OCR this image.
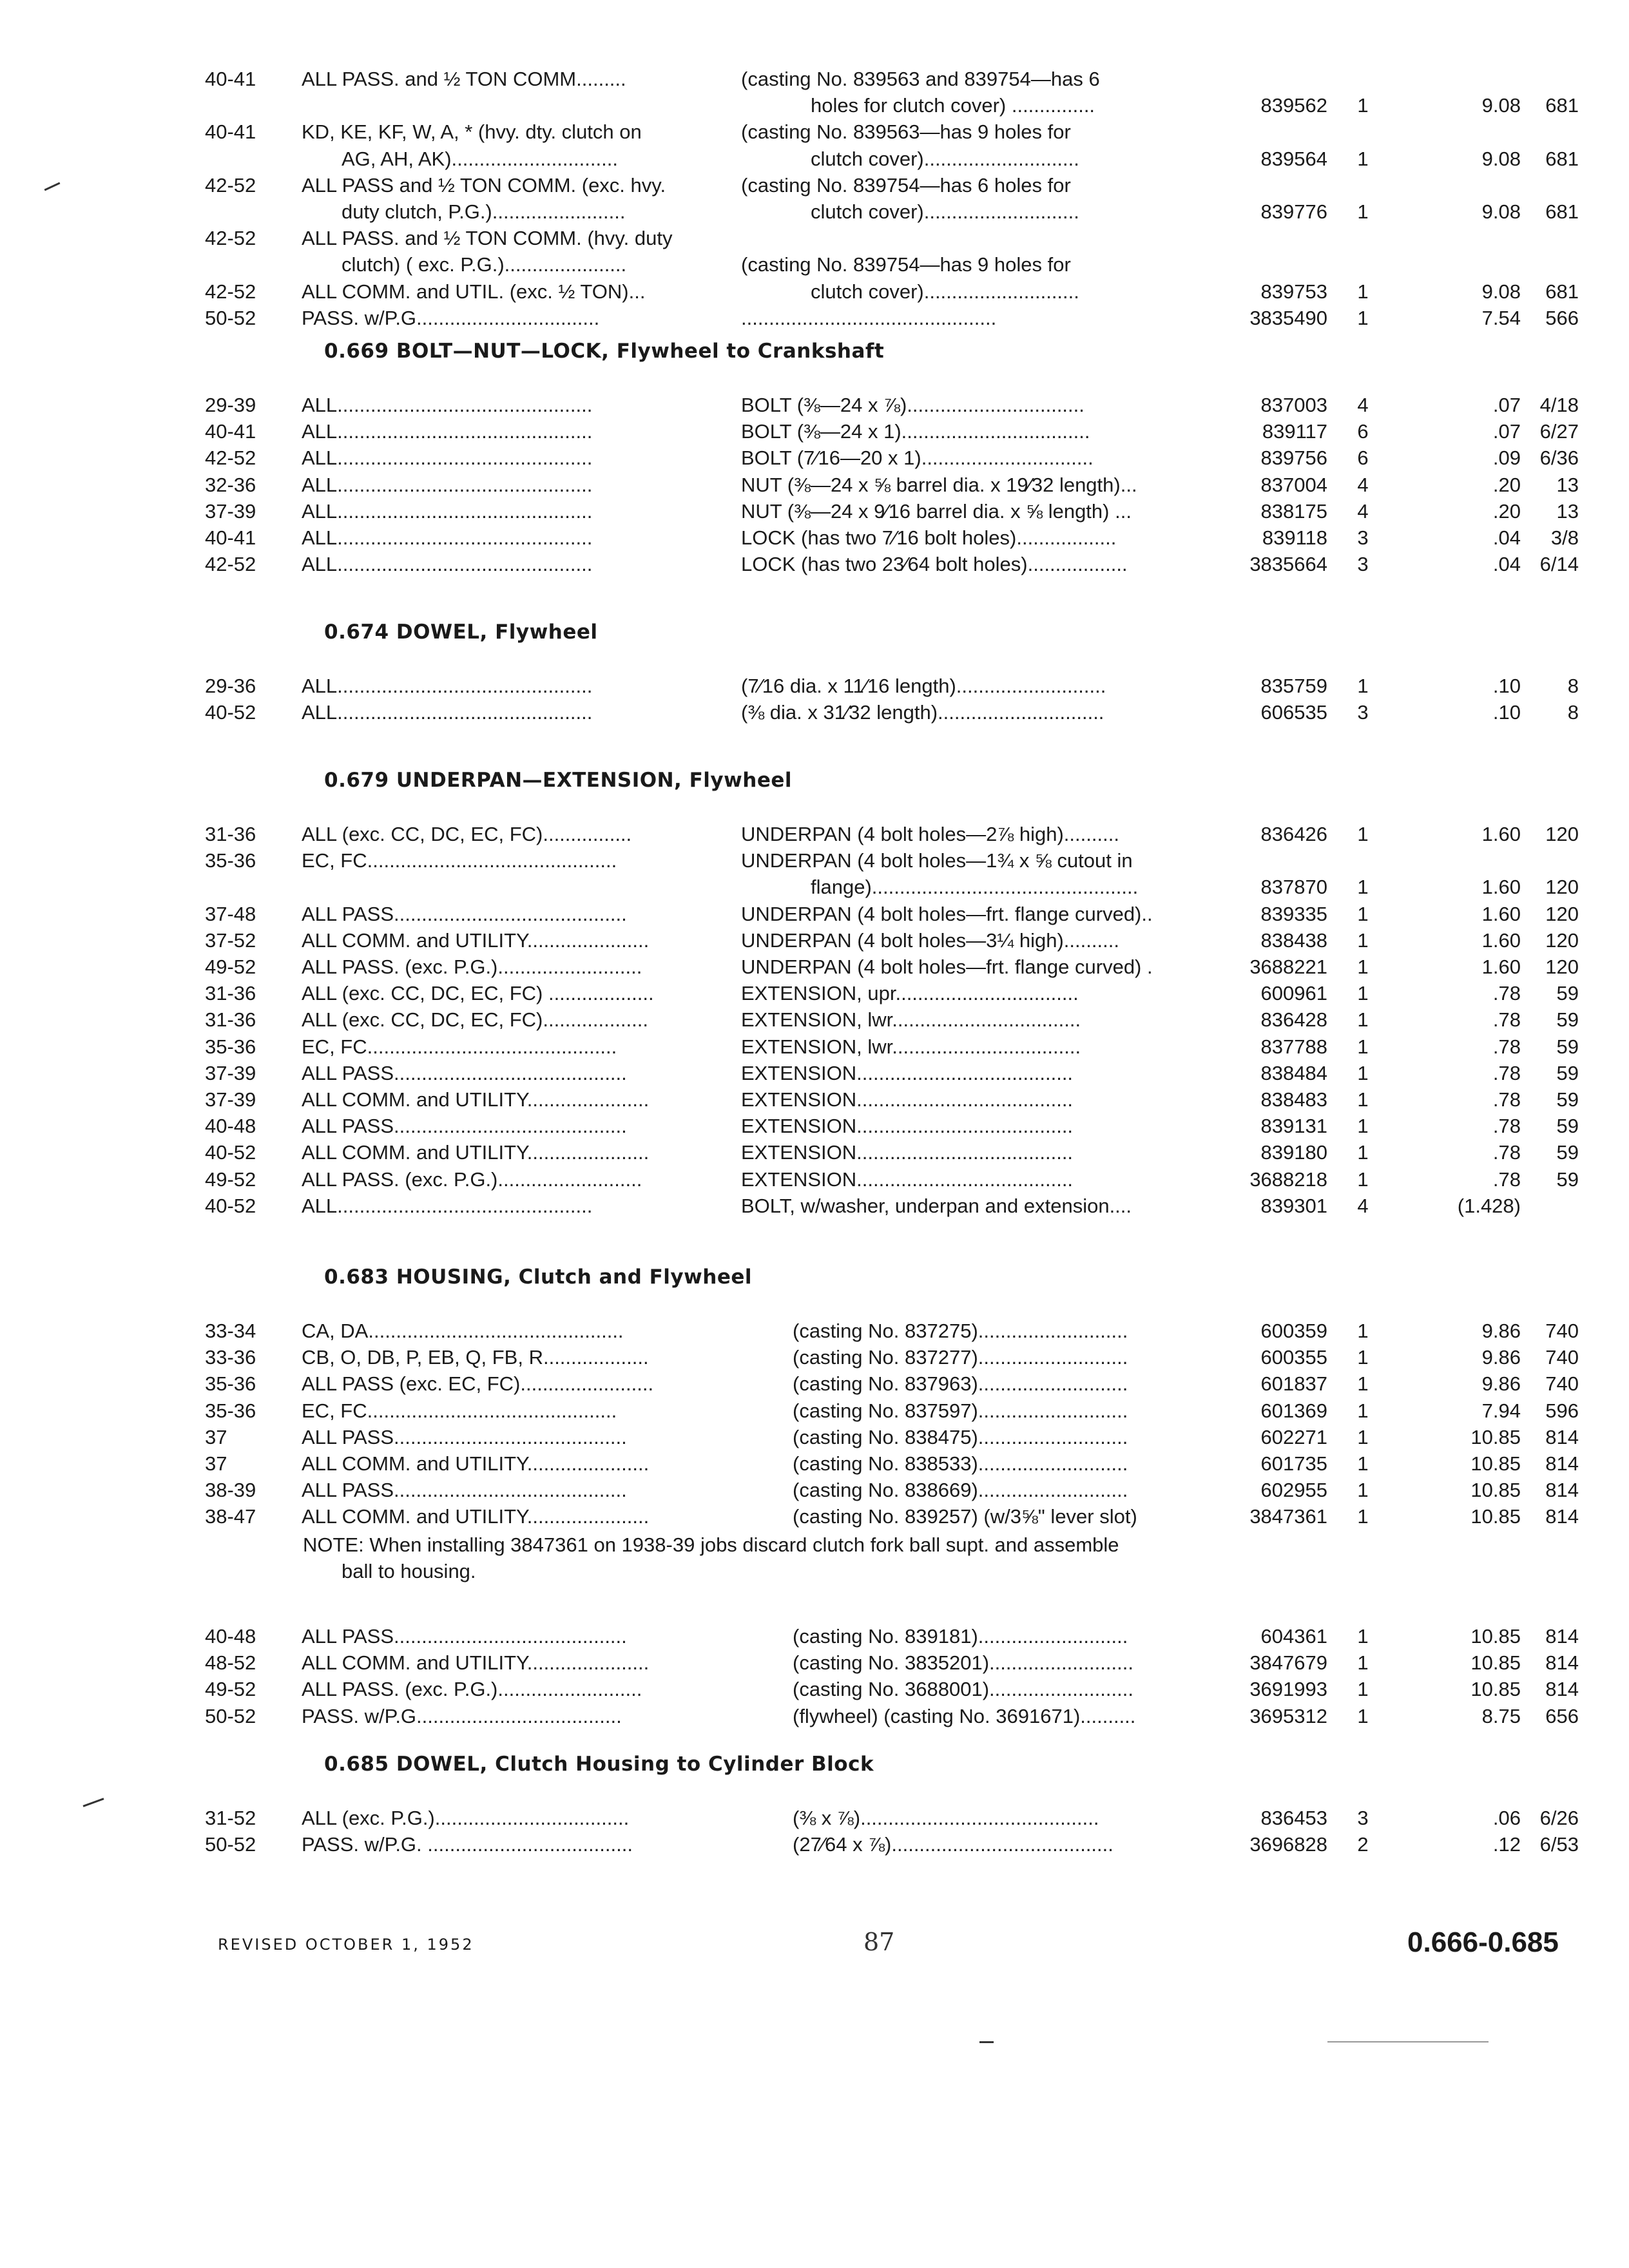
40-41	ALL PASS. and ½ TON COMM.........	(casting No. 839563 and 839754—has 6
holes for clutch cover) ...............	839562	1	9.08	681
40-41	KD, KE, KF, W, A, * (hvy. dty. clutch on	(casting No. 839563—has 9 holes for
AG, AH, AK)..............................	clutch cover)............................	839564	1	9.08	681
42-52	ALL PASS and ½ TON COMM. (exc. hvy.	(casting No. 839754—has 6 holes for
duty clutch, P.G.)........................	clutch cover)............................	839776	1	9.08	681
42-52	ALL PASS. and ½ TON COMM. (hvy. duty
clutch) ( exc. P.G.)......................	(casting No. 839754—has 9 holes for
42-52	ALL COMM. and UTIL. (exc. ½ TON)...	clutch cover)............................	839753	1	9.08	681
50-52	PASS. w/P.G.................................	..............................................	3835490	1	7.54	566
0.669 BOLT—NUT—LOCK, Flywheel to Crankshaft
29-39	ALL..............................................	BOLT (⅜—24 x ⅞)................................	837003	4	.07 4/18
40-41	ALL..............................................	BOLT (⅜—24 x 1)..................................	839117	6	.07 6/27
42-52	ALL..............................................	BOLT (7⁄16—20 x 1)...............................	839756	6	.09 6/36
32-36	ALL..............................................	NUT (⅜—24 x ⅝ barrel dia. x 19⁄32 length)...	837004	4	.20	13
37-39	ALL..............................................	NUT (⅜—24 x 9⁄16 barrel dia. x ⅝ length) ...	838175	4	.20	13
40-41	ALL..............................................	LOCK (has two 7⁄16 bolt holes)..................	839118	3	.04	3/8
42-52	ALL..............................................	LOCK (has two 23⁄64 bolt holes)..................	3835664	3	.04 6/14
0.674 DOWEL, Flywheel
29-36	ALL..............................................	(7⁄16 dia. x 11⁄16 length)...........................	835759	1	.10	8
40-52	ALL..............................................	(⅜ dia. x 31⁄32 length)..............................	606535	3	.10	8
0.679 UNDERPAN—EXTENSION, Flywheel
31-36	ALL (exc. CC, DC, EC, FC)................	UNDERPAN (4 bolt holes—2⅞ high)..........	836426	1	1.60	120
35-36	EC, FC.............................................	UNDERPAN (4 bolt holes—1¾ x ⅝ cutout in
flange)................................................	837870	1	1.60	120
37-48	ALL PASS..........................................	UNDERPAN (4 bolt holes—frt. flange curved)..	839335	1	1.60	120
37-52	ALL COMM. and UTILITY......................	UNDERPAN (4 bolt holes—3¼ high)..........	838438	1	1.60	120
49-52	ALL PASS. (exc. P.G.)..........................	UNDERPAN (4 bolt holes—frt. flange curved) .	3688221	1	1.60	120
31-36	ALL (exc. CC, DC, EC, FC) ...................	EXTENSION, upr.................................	600961	1	.78	59
31-36	ALL (exc. CC, DC, EC, FC)...................	EXTENSION, lwr..................................	836428	1	.78	59
35-36	EC, FC.............................................	EXTENSION, lwr..................................	837788	1	.78	59
37-39	ALL PASS..........................................	EXTENSION.......................................	838484	1	.78	59
37-39	ALL COMM. and UTILITY......................	EXTENSION.......................................	838483	1	.78	59
40-48	ALL PASS..........................................	EXTENSION.......................................	839131	1	.78	59
40-52	ALL COMM. and UTILITY......................	EXTENSION.......................................	839180	1	.78	59
49-52	ALL PASS. (exc. P.G.)..........................	EXTENSION.......................................	3688218	1	.78	59
40-52	ALL..............................................	BOLT, w/washer, underpan and extension....	839301	4	(1.428)
0.683 HOUSING, Clutch and Flywheel
33-34	CA, DA..............................................	(casting No. 837275)...........................	600359	1	9.86	740
33-36	CB, O, DB, P, EB, Q, FB, R...................	(casting No. 837277)...........................	600355	1	9.86	740
35-36	ALL PASS (exc. EC, FC)........................	(casting No. 837963)...........................	601837	1	9.86	740
35-36	EC, FC.............................................	(casting No. 837597)...........................	601369	1	7.94	596
37	ALL PASS..........................................	(casting No. 838475)...........................	602271	1	10.85	814
37	ALL COMM. and UTILITY......................	(casting No. 838533)...........................	601735	1	10.85	814
38-39	ALL PASS..........................................	(casting No. 838669)...........................	602955	1	10.85	814
38-47	ALL COMM. and UTILITY......................	(casting No. 839257) (w/3⅝" lever slot)	3847361	1	10.85	814
NOTE: When installing 3847361 on 1938-39 jobs discard clutch fork ball supt. and assemble
ball to housing.
40-48	ALL PASS..........................................	(casting No. 839181)...........................	604361	1	10.85	814
48-52	ALL COMM. and UTILITY......................	(casting No. 3835201)..........................	3847679	1	10.85	814
49-52	ALL PASS. (exc. P.G.)..........................	(casting No. 3688001)..........................	3691993	1	10.85	814
50-52	PASS. w/P.G.....................................	(flywheel) (casting No. 3691671)..........	3695312	1	8.75	656
0.685 DOWEL, Clutch Housing to Cylinder Block
31-52	ALL (exc. P.G.)...................................	(⅜ x ⅞)...........................................	836453	3	.06 6/26
50-52	PASS. w/P.G. .....................................	(27⁄64 x ⅞)........................................	3696828	2	.12 6/53
REVISED OCTOBER 1, 1952	87	0.666-0.685
